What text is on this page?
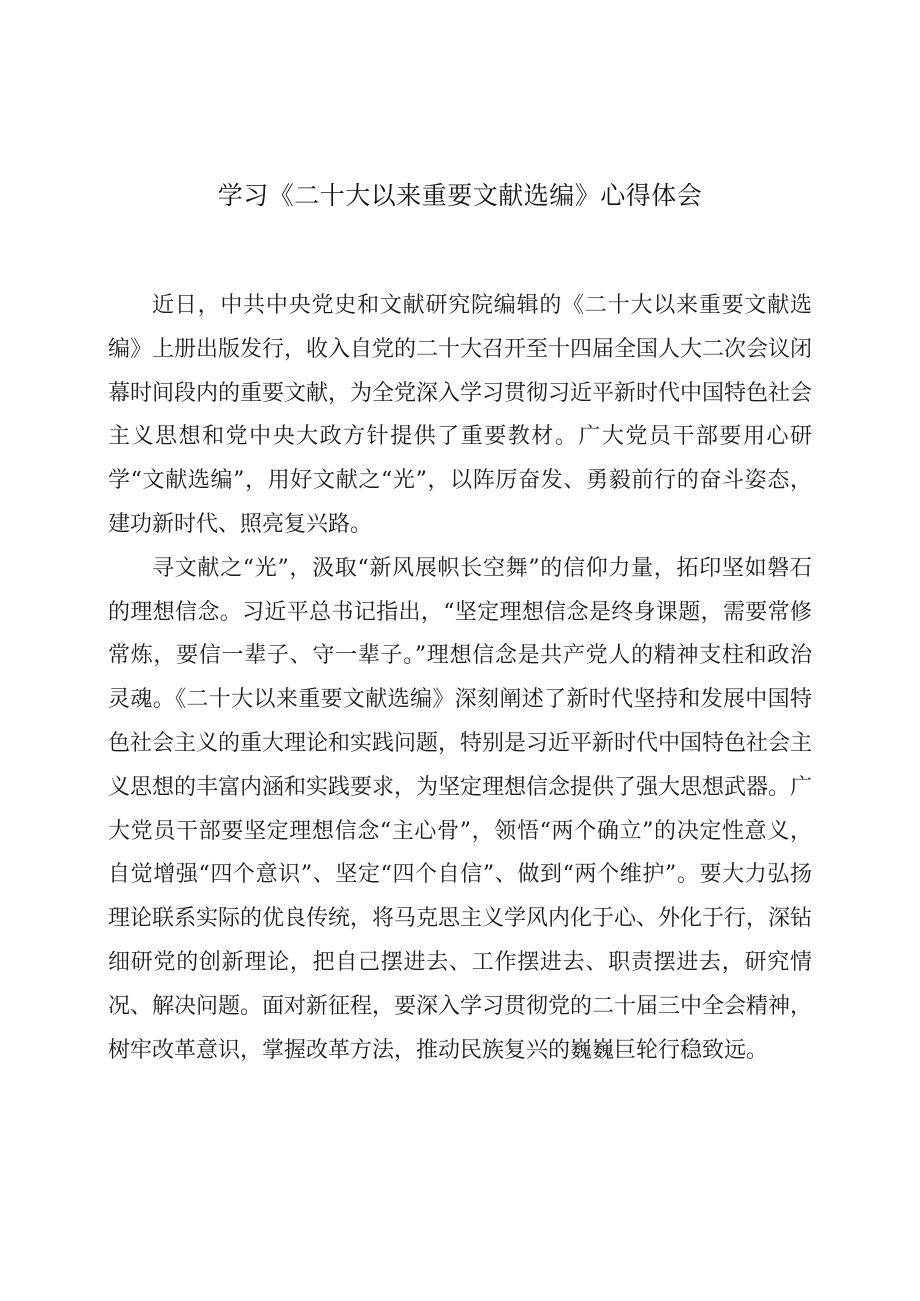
学习《二十大以来重要文献选编》心得体会

近日，中共中央党史和文献研究院编辑的《二十大以来重要文献选编》上册出版发行，收入自党的二十大召开至十四届全国人大二次会议闭幕时间段内的重要文献，为全党深入学习贯彻习近平新时代中国特色社会主义思想和党中央大政方针提供了重要教材。广大党员干部要用心研学“文献选编”，用好文献之“光”，以阵厉奋发、勇毅前行的奋斗姿态，建功新时代、照亮复兴路。

寻文献之“光”，汲取“新风展帜长空舞”的信仰力量，拓印坚如磐石的理想信念。习近平总书记指出，“坚定理想信念是终身课题，需要常修常炼，要信一辈子、守一辈子。”理想信念是共产党人的精神支柱和政治灵魂。《二十大以来重要文献选编》深刻阐述了新时代坚持和发展中国特色社会主义的重大理论和实践问题，特别是习近平新时代中国特色社会主义思想的丰富内涵和实践要求，为坚定理想信念提供了强大思想武器。广大党员干部要坚定理想信念“主心骨”，领悟“两个确立”的决定性意义，自觉增强“四个意识”、坚定“四个自信”、做到“两个维护”。要大力弘扬理论联系实际的优良传统，将马克思主义学风内化于心、外化于行，深钻细研党的创新理论，把自己摆进去、工作摆进去、职责摆进去，研究情况、解决问题。面对新征程，要深入学习贯彻党的二十届三中全会精神，树牢改革意识，掌握改革方法，推动民族复兴的巍巍巨轮行稳致远。
